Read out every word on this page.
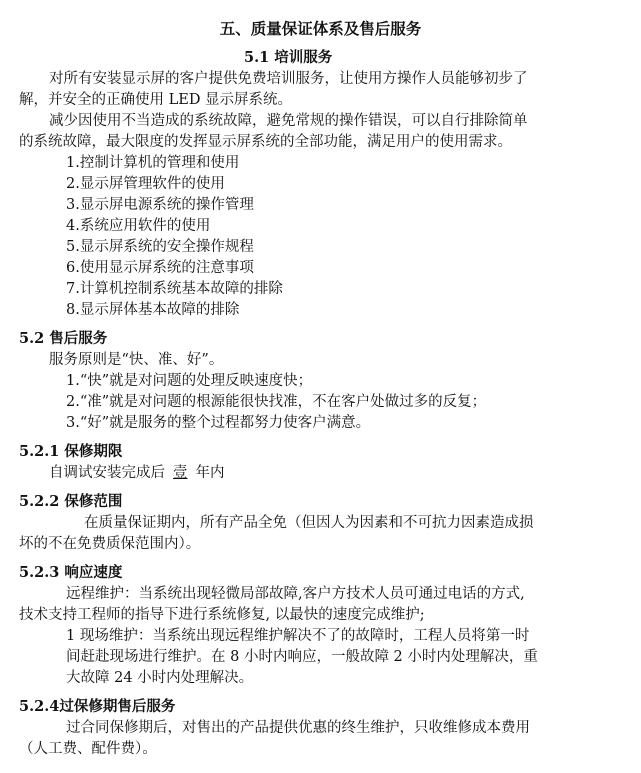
五、质量保证体系及售后服务
5.1 培训服务
对所有安装显示屏的客户提供免费培训服务，让使用方操作人员能够初步了
解，并安全的正确使用 LED 显示屏系统。
减少因使用不当造成的系统故障，避免常规的操作错误，可以自行排除简单
的系统故障，最大限度的发挥显示屏系统的全部功能，满足用户的使用需求。
1.控制计算机的管理和使用
2.显示屏管理软件的使用
3.显示屏电源系统的操作管理
4.系统应用软件的使用
5.显示屏系统的安全操作规程
6.使用显示屏系统的注意事项
7.计算机控制系统基本故障的排除
8.显示屏体基本故障的排除
5.2 售后服务
服务原则是“快、准、好”。
1.“快”就是对问题的处理反映速度快；
2.“准”就是对问题的根源能很快找准，不在客户处做过多的反复；
3.“好”就是服务的整个过程都努力使客户满意。
5.2.1 保修期限
自调试安装完成后 壹 年内
5.2.2 保修范围
在质量保证期内，所有产品全免（但因人为因素和不可抗力因素造成损
坏的不在免费质保范围内）。
5.2.3 响应速度
远程维护：当系统出现轻微局部故障,客户方技术人员可通过电话的方式,
技术支持工程师的指导下进行系统修复, 以最快的速度完成维护;
1 现场维护：当系统出现远程维护解决不了的故障时，工程人员将第一时
间赶赴现场进行维护。在 8 小时内响应，一般故障 2 小时内处理解决，重
大故障 24 小时内处理解决。
5.2.4过保修期售后服务
过合同保修期后，对售出的产品提供优惠的终生维护，只收维修成本费用
（人工费、配件费）。
